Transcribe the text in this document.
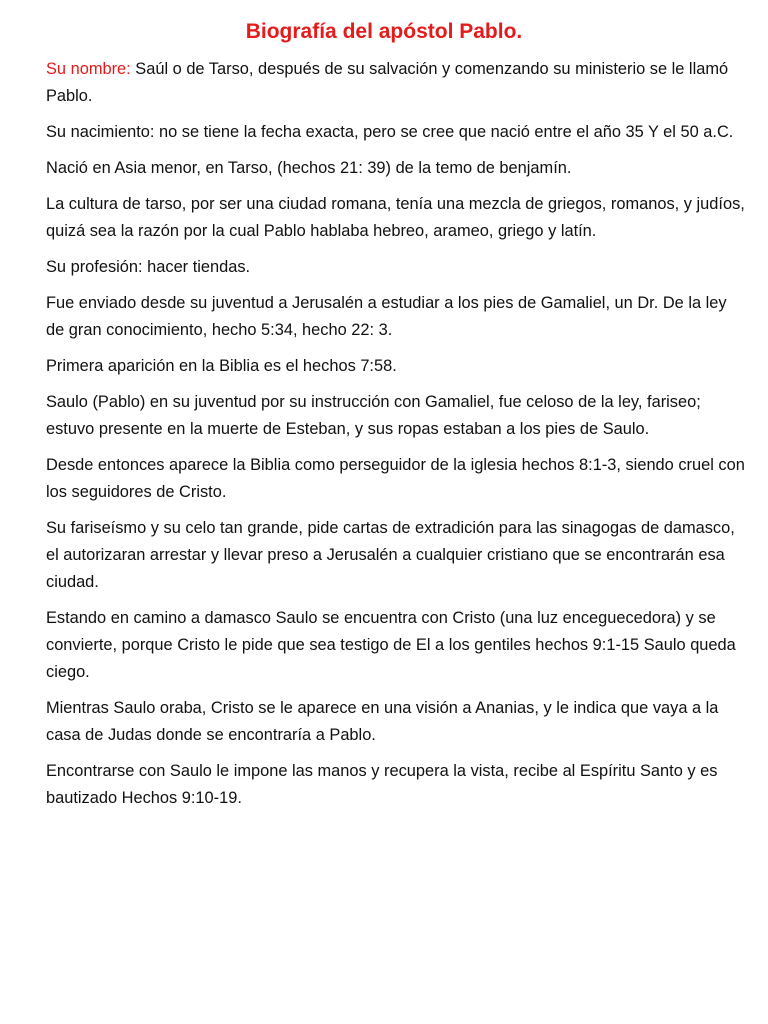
Biografía del apóstol Pablo.

Su nombre: Saúl o de Tarso, después de su salvación y comenzando su ministerio se le llamó Pablo.

Su nacimiento: no se tiene la fecha exacta, pero se cree que nació entre el año 35 Y el 50 a.C.

Nació en Asia menor, en Tarso, (hechos 21: 39) de la temo de benjamín.

La cultura de tarso, por ser una ciudad romana, tenía una mezcla de griegos, romanos, y judíos, quizá sea la razón por la cual Pablo hablaba hebreo, arameo, griego y latín.

Su profesión: hacer tiendas.

Fue enviado desde su juventud a Jerusalén a estudiar a los pies de Gamaliel, un Dr. De la ley de gran conocimiento, hecho 5:34, hecho 22: 3.

Primera aparición en la Biblia es el hechos 7:58.

Saulo (Pablo) en su juventud por su instrucción con Gamaliel, fue celoso de la ley, fariseo; estuvo presente en la muerte de Esteban, y sus ropas estaban a los pies de Saulo.

Desde entonces aparece la Biblia como perseguidor de la iglesia hechos 8:1-3, siendo cruel con los seguidores de Cristo.

Su fariseísmo y su celo tan grande, pide cartas de extradición para las sinagogas de damasco, el autorizaran arrestar y llevar preso a Jerusalén a cualquier cristiano que se encontrarán esa ciudad.

Estando en camino a damasco Saulo se encuentra con Cristo (una luz enceguecedora) y se convierte, porque Cristo le pide que sea testigo de El a los gentiles hechos 9:1-15 Saulo queda ciego.

Mientras Saulo oraba, Cristo se le aparece en una visión a Ananias, y le indica que vaya a la casa de Judas donde se encontraría a Pablo.

Encontrarse con Saulo le impone las manos y recupera la vista, recibe al Espíritu Santo y es bautizado Hechos 9:10-19.
